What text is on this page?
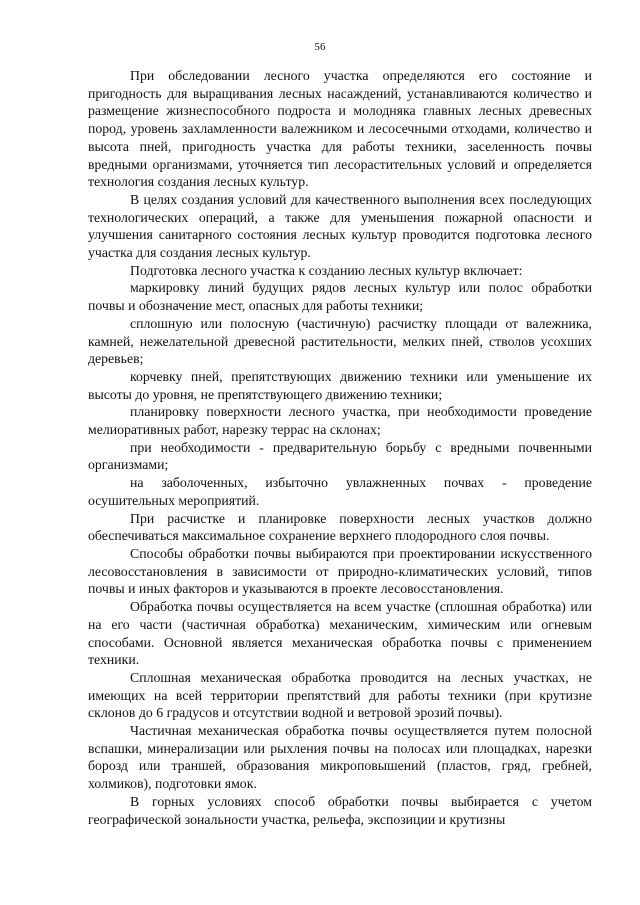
56

При обследовании лесного участка определяются его состояние и пригодность для выращивания лесных насаждений, устанавливаются количество и размещение жизнеспособного подроста и молодняка главных лесных древесных пород, уровень захламленности валежником и лесосечными отходами, количество и высота пней, пригодность участка для работы техники, заселенность почвы вредными организмами, уточняется тип лесорастительных условий и определяется технология создания лесных культур.

В целях создания условий для качественного выполнения всех последующих технологических операций, а также для уменьшения пожарной опасности и улучшения санитарного состояния лесных культур проводится подготовка лесного участка для создания лесных культур.

Подготовка лесного участка к созданию лесных культур включает:

маркировку линий будущих рядов лесных культур или полос обработки почвы и обозначение мест, опасных для работы техники;

сплошную или полосную (частичную) расчистку площади от валежника, камней, нежелательной древесной растительности, мелких пней, стволов усохших деревьев;

корчевку пней, препятствующих движению техники или уменьшение их высоты до уровня, не препятствующего движению техники;

планировку поверхности лесного участка, при необходимости проведение мелиоративных работ, нарезку террас на склонах;

при необходимости - предварительную борьбу с вредными почвенными организмами;

на заболоченных, избыточно увлажненных почвах - проведение осушительных мероприятий.

При расчистке и планировке поверхности лесных участков должно обеспечиваться максимальное сохранение верхнего плодородного слоя почвы.

Способы обработки почвы выбираются при проектировании искусственного лесовосстановления в зависимости от природно-климатических условий, типов почвы и иных факторов и указываются в проекте лесовосстановления.

Обработка почвы осуществляется на всем участке (сплошная обработка) или на его части (частичная обработка) механическим, химическим или огневым способами. Основной является механическая обработка почвы с применением техники.

Сплошная механическая обработка проводится на лесных участках, не имеющих на всей территории препятствий для работы техники (при крутизне склонов до 6 градусов и отсутствии водной и ветровой эрозий почвы).

Частичная механическая обработка почвы осуществляется путем полосной вспашки, минерализации или рыхления почвы на полосах или площадках, нарезки борозд или траншей, образования микроповышений (пластов, гряд, гребней, холмиков), подготовки ямок.

В горных условиях способ обработки почвы выбирается с учетом географической зональности участка, рельефа, экспозиции и крутизны
